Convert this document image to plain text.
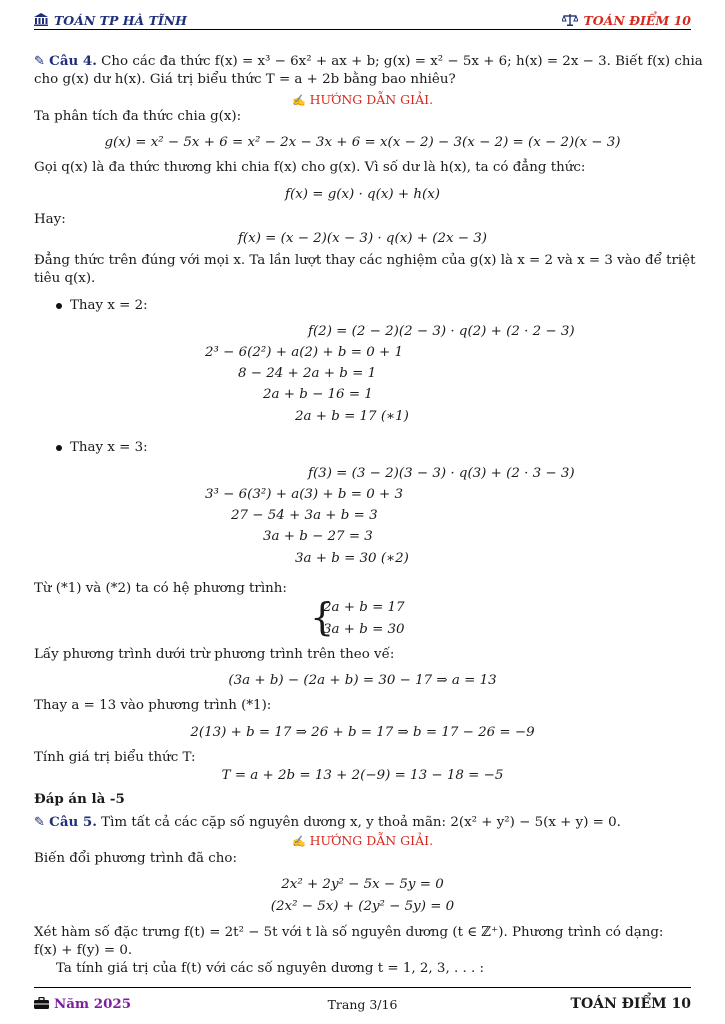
TOÁN TP HÀ TĨNH	TOÁN ĐIỂM 10
✎ Câu 4. Cho các đa thức f(x) = x³ − 6x² + ax + b; g(x) = x² − 5x + 6; h(x) = 2x − 3. Biết f(x) chia
cho g(x) dư h(x). Giá trị biểu thức T = a + 2b bằng bao nhiêu?
✍ HƯỚNG DẪN GIẢI.
Ta phân tích đa thức chia g(x):
g(x) = x² − 5x + 6 = x² − 2x − 3x + 6 = x(x − 2) − 3(x − 2) = (x − 2)(x − 3)
Gọi q(x) là đa thức thương khi chia f(x) cho g(x). Vì số dư là h(x), ta có đẳng thức:
f(x) = g(x) · q(x) + h(x)
Hay:
f(x) = (x − 2)(x − 3) · q(x) + (2x − 3)
Đẳng thức trên đúng với mọi x. Ta lần lượt thay các nghiệm của g(x) là x = 2 và x = 3 vào để triệt
tiêu q(x).
Thay x = 2:
f(2) = (2 − 2)(2 − 3) · q(2) + (2 · 2 − 3)
2³ − 6(2²) + a(2) + b = 0 + 1
8 − 24 + 2a + b = 1
2a + b − 16 = 1
2a + b = 17 (∗1)
Thay x = 3:
f(3) = (3 − 2)(3 − 3) · q(3) + (2 · 3 − 3)
3³ − 6(3²) + a(3) + b = 0 + 3
27 − 54 + 3a + b = 3
3a + b − 27 = 3
3a + b = 30 (∗2)
Từ (*1) và (*2) ta có hệ phương trình:
{
2a + b = 17
3a + b = 30
Lấy phương trình dưới trừ phương trình trên theo vế:
(3a + b) − (2a + b) = 30 − 17 ⇒ a = 13
Thay a = 13 vào phương trình (*1):
2(13) + b = 17 ⇒ 26 + b = 17 ⇒ b = 17 − 26 = −9
Tính giá trị biểu thức T:
T = a + 2b = 13 + 2(−9) = 13 − 18 = −5
Đáp án là -5
✎ Câu 5. Tìm tất cả các cặp số nguyên dương x, y thoả mãn: 2(x² + y²) − 5(x + y) = 0.
✍ HƯỚNG DẪN GIẢI.
Biến đổi phương trình đã cho:
2x² + 2y² − 5x − 5y = 0
(2x² − 5x) + (2y² − 5y) = 0
Xét hàm số đặc trưng f(t) = 2t² − 5t với t là số nguyên dương (t ∈ ℤ⁺). Phương trình có dạng:
f(x) + f(y) = 0.
Ta tính giá trị của f(t) với các số nguyên dương t = 1, 2, 3, . . . :
Năm 2025	Trang 3/16	TOÁN ĐIỂM 10
